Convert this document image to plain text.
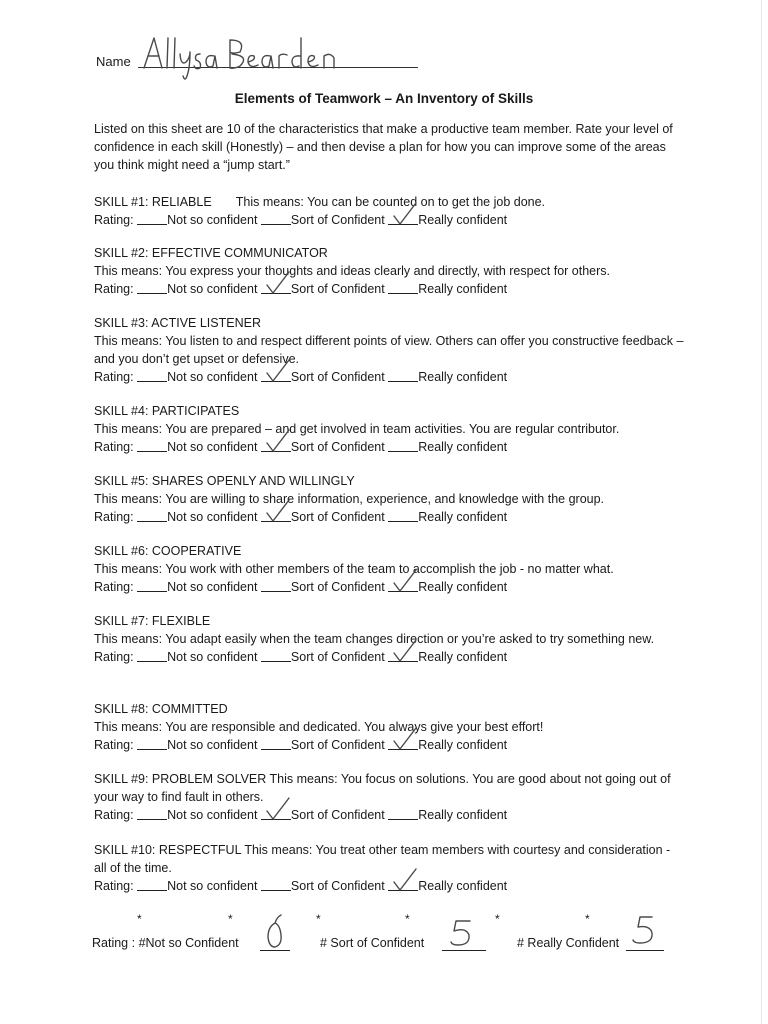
Name
Elements of Teamwork – An Inventory of Skills
Listed on this sheet are 10 of the characteristics that make a productive team member. Rate your level of confidence in each skill (Honestly) – and then devise a plan for how you can improve some of the areas you think might need a “jump start.”

SKILL #1: RELIABLE This means: You can be counted on to get the job done.

Rating: Not so confident	Sort of Confident	Really confident

SKILL #2: EFFECTIVE COMMUNICATOR

This means: You express your thoughts and ideas clearly and directly, with respect for others.

Rating: Not so confident	Sort of Confident	Really confident

SKILL #3: ACTIVE LISTENER

This means: You listen to and respect different points of view. Others can offer you constructive feedback – and you don’t get upset or defensive.

Rating: Not so confident	Sort of Confident	Really confident

SKILL #4: PARTICIPATES

This means: You are prepared – and get involved in team activities. You are regular contributor.

Rating: Not so confident	Sort of Confident	Really confident

SKILL #5: SHARES OPENLY AND WILLINGLY

This means: You are willing to share information, experience, and knowledge with the group.

Rating: Not so confident	Sort of Confident	Really confident

SKILL #6: COOPERATIVE

This means: You work with other members of the team to accomplish the job - no matter what.

Rating: Not so confident	Sort of Confident	Really confident

SKILL #7: FLEXIBLE

This means: You adapt easily when the team changes direction or you’re asked to try something new.

Rating: Not so confident	Sort of Confident	Really confident

SKILL #8: COMMITTED

This means: You are responsible and dedicated. You always give your best effort!

Rating: Not so confident	Sort of Confident	Really confident

SKILL #9: PROBLEM SOLVER This means: You focus on solutions. You are good about not going out of your way to find fault in others.

Rating: Not so confident	Sort of Confident	Really confident

SKILL #10: RESPECTFUL This means: You treat other team members with courtesy and consideration - all of the time.

Rating: Not so confident	Sort of Confident	Really confident

*	*	*	*	*	*
Rating : #Not so Confident	# Sort of Confident	# Really Confident
